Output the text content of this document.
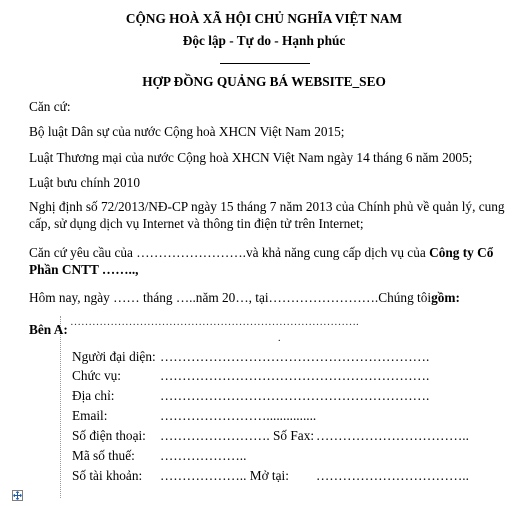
CỘNG HOÀ XÃ HỘI CHỦ NGHĨA VIỆT NAM
Độc lập - Tự do - Hạnh phúc
HỢP ĐỒNG QUẢNG BÁ WEBSITE_SEO
Căn cứ:
Bộ luật Dân sự của nước Cộng hoà XHCN Việt Nam 2015;
Luật Thương mại của nước Cộng hoà XHCN Việt Nam ngày 14 tháng 6 năm 2005;
Luật bưu chính 2010
Nghị định số 72/2013/NĐ-CP ngày 15 tháng 7 năm 2013 của Chính phủ về quản lý, cung
cấp, sử dụng dịch vụ Internet và thông tin điện tử trên Internet;
Căn cứ yêu cầu của …………………….và khả năng cung cấp dịch vụ của Công ty Cổ
Phần CNTT ……..,
Hôm nay, ngày …… tháng …..năm 20…, tại…………………….Chúng tôigồm:
Bên A: …………………………………………………………………….
.
Người đại diện: …………………………………………………….
Chức vụ:	…………………………………………………….
Địa chỉ:	…………………………………………………….
Email:	……………………...............
Số điện thoại: ……………………. Số Fax: ……………………………..
Mã số thuế: ………………..
Số tài khoản: ……………….. Mở tại: ……………………………..
